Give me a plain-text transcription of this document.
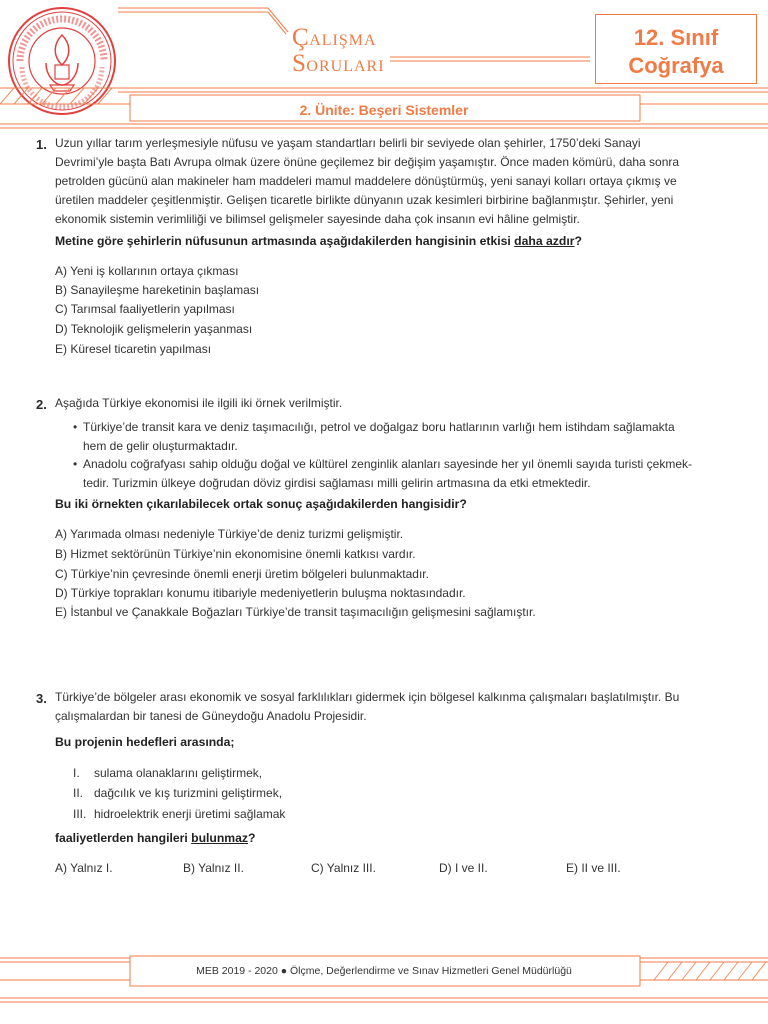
ÇALIŞMA
SORULARI
12. Sınıf
Coğrafya
2. Ünite: Beşeri Sistemler
1. Uzun yıllar tarım yerleşmesiyle nüfusu ve yaşam standartları belirli bir seviyede olan şehirler, 1750’deki Sanayi
Devrimi’yle başta Batı Avrupa olmak üzere önüne geçilemez bir değişim yaşamıştır. Önce maden kömürü, daha sonra
petrolden gücünü alan makineler ham maddeleri mamul maddelere dönüştürmüş, yeni sanayi kolları ortaya çıkmış ve
üretilen maddeler çeşitlenmiştir. Gelişen ticaretle birlikte dünyanın uzak kesimleri birbirine bağlanmıştır. Şehirler, yeni
ekonomik sistemin verimliliği ve bilimsel gelişmeler sayesinde daha çok insanın evi hâline gelmiştir.
Metine göre şehirlerin nüfusunun artmasında aşağıdakilerden hangisinin etkisi daha azdır?
A) Yeni iş kollarının ortaya çıkması
B) Sanayileşme hareketinin başlaması
C) Tarımsal faaliyetlerin yapılması
D) Teknolojik gelişmelerin yaşanması
E) Küresel ticaretin yapılması
2. Aşağıda Türkiye ekonomisi ile ilgili iki örnek verilmiştir.
• Türkiye’de transit kara ve deniz taşımacılığı, petrol ve doğalgaz boru hatlarının varlığı hem istihdam sağlamakta
hem de gelir oluşturmaktadır.
• Anadolu coğrafyası sahip olduğu doğal ve kültürel zenginlik alanları sayesinde her yıl önemli sayıda turisti çekmek-
tedir. Turizmin ülkeye doğrudan döviz girdisi sağlaması milli gelirin artmasına da etki etmektedir.
Bu iki örnekten çıkarılabilecek ortak sonuç aşağıdakilerden hangisidir?
A) Yarımada olması nedeniyle Türkiye’de deniz turizmi gelişmiştir.
B) Hizmet sektörünün Türkiye’nin ekonomisine önemli katkısı vardır.
C) Türkiye’nin çevresinde önemli enerji üretim bölgeleri bulunmaktadır.
D) Türkiye toprakları konumu itibariyle medeniyetlerin buluşma noktasındadır.
E) İstanbul ve Çanakkale Boğazları Türkiye’de transit taşımacılığın gelişmesini sağlamıştır.
3. Türkiye’de bölgeler arası ekonomik ve sosyal farklılıkları gidermek için bölgesel kalkınma çalışmaları başlatılmıştır. Bu
çalışmalardan bir tanesi de Güneydoğu Anadolu Projesidir.
Bu projenin hedefleri arasında;
I. sulama olanaklarını geliştirmek,
II. dağcılık ve kış turizmini geliştirmek,
III. hidroelektrik enerji üretimi sağlamak
faaliyetlerden hangileri bulunmaz?
A) Yalnız I.	B) Yalnız II.	C) Yalnız III.	D) I ve II.	E) II ve III.
MEB 2019 - 2020 ● Ölçme, Değerlendirme ve Sınav Hizmetleri Genel Müdürlüğü
